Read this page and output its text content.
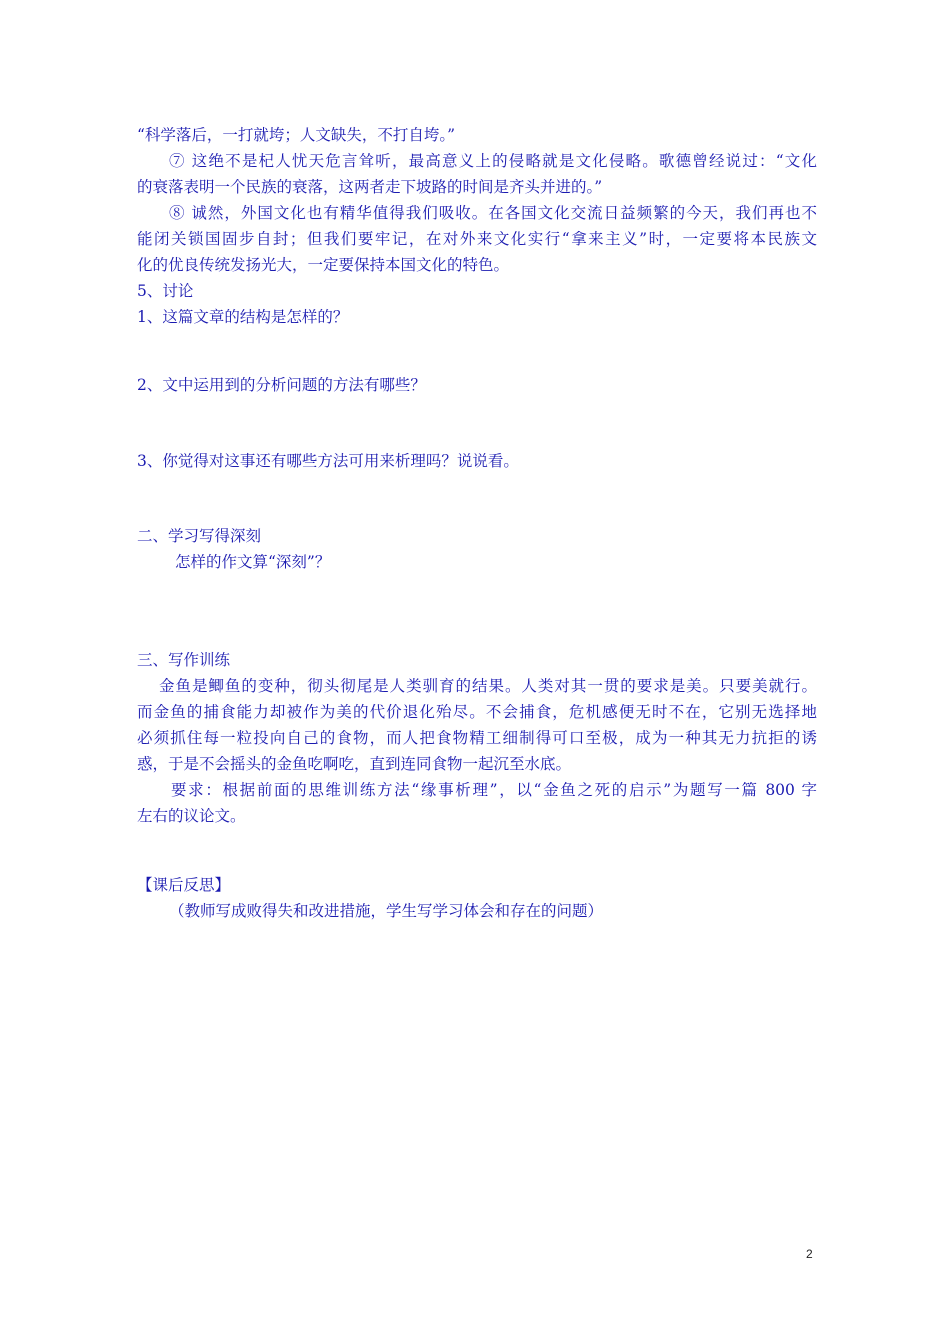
“科学落后，一打就垮；人文缺失，不打自垮。”
⑦ 这绝不是杞人忧天危言耸听，最高意义上的侵略就是文化侵略。歌德曾经说过：“文化
的衰落表明一个民族的衰落，这两者走下坡路的时间是齐头并进的。”
⑧ 诚然，外国文化也有精华值得我们吸收。在各国文化交流日益频繁的今天，我们再也不
能闭关锁国固步自封；但我们要牢记，在对外来文化实行“拿来主义”时，一定要将本民族文
化的优良传统发扬光大，一定要保持本国文化的特色。
5、讨论
1、这篇文章的结构是怎样的？
2、文中运用到的分析问题的方法有哪些？
3、你觉得对这事还有哪些方法可用来析理吗？说说看。
二、学习写得深刻
怎样的作文算“深刻”？
三、写作训练
金鱼是鲫鱼的变种，彻头彻尾是人类驯育的结果。人类对其一贯的要求是美。只要美就行。
而金鱼的捕食能力却被作为美的代价退化殆尽。不会捕食，危机感便无时不在，它别无选择地
必须抓住每一粒投向自己的食物，而人把食物精工细制得可口至极，成为一种其无力抗拒的诱
惑，于是不会摇头的金鱼吃啊吃，直到连同食物一起沉至水底。
要求：根据前面的思维训练方法“缘事析理”，以“金鱼之死的启示”为题写一篇 800 字
左右的议论文。
【课后反思】
（教师写成败得失和改进措施，学生写学习体会和存在的问题）
2
